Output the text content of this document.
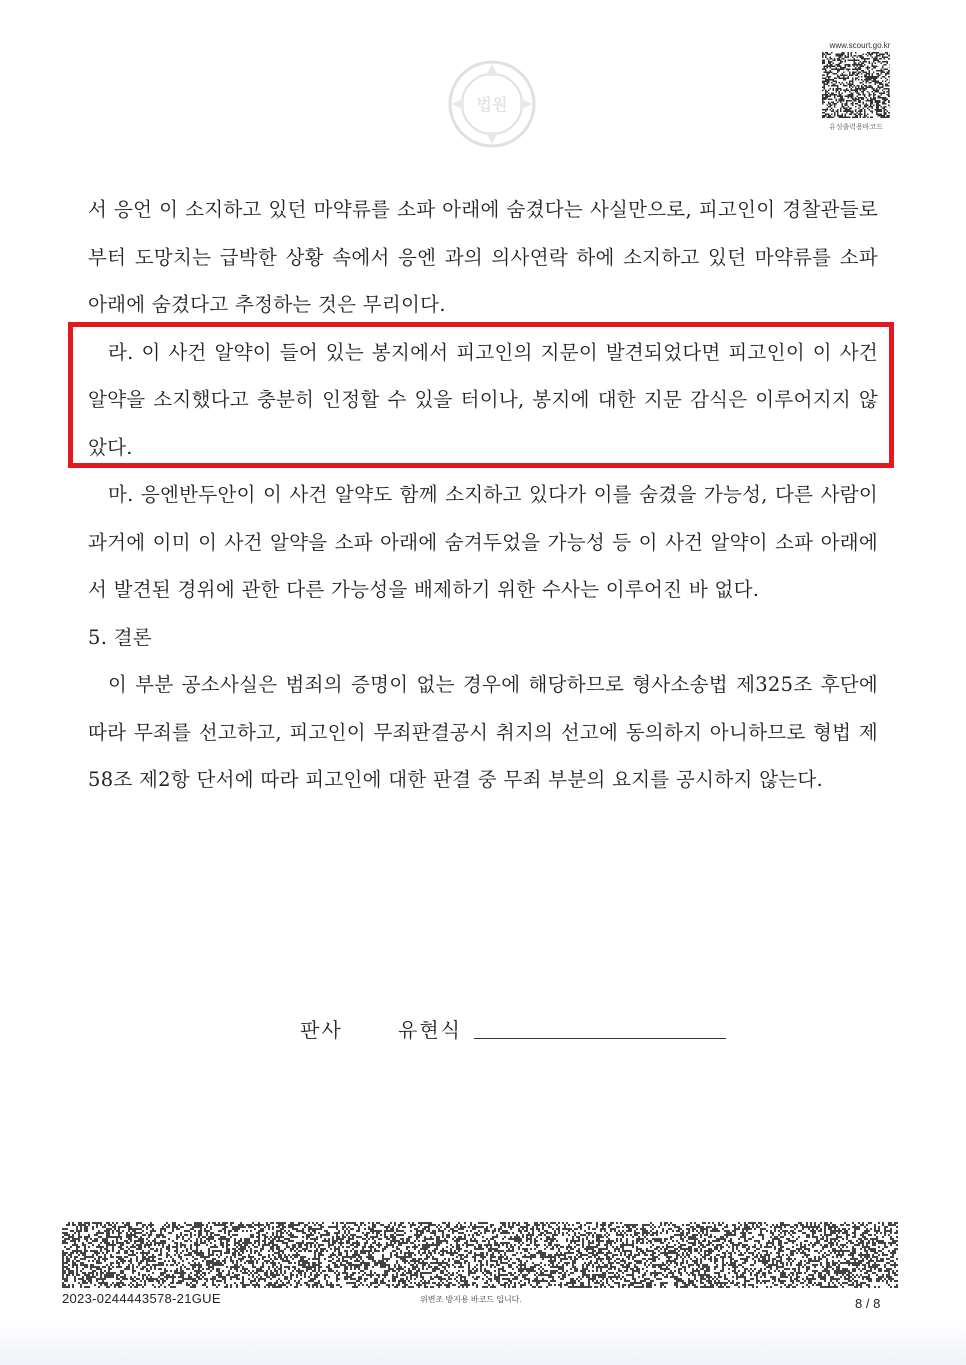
www.scourt.go.kr
유성출력용바코드
법원

서 응언 이 소지하고 있던 마약류를 소파 아래에 숨겼다는 사실만으로, 피고인이 경찰관들로부터 도망치는 급박한 상황 속에서 응엔 과의 의사연락 하에 소지하고 있던 마약류를 소파 아래에 숨겼다고 추정하는 것은 무리이다.

라. 이 사건 알약이 들어 있는 봉지에서 피고인의 지문이 발견되었다면 피고인이 이 사건 알약을 소지했다고 충분히 인정할 수 있을 터이나, 봉지에 대한 지문 감식은 이루어지지 않았다.

마. 응엔반두안이 이 사건 알약도 함께 소지하고 있다가 이를 숨겼을 가능성, 다른 사람이 과거에 이미 이 사건 알약을 소파 아래에 숨겨두었을 가능성 등 이 사건 알약이 소파 아래에서 발견된 경위에 관한 다른 가능성을 배제하기 위한 수사는 이루어진 바 없다.

5. 결론

이 부분 공소사실은 범죄의 증명이 없는 경우에 해당하므로 형사소송법 제325조 후단에 따라 무죄를 선고하고, 피고인이 무죄판결공시 취지의 선고에 동의하지 아니하므로 형법 제58조 제2항 단서에 따라 피고인에 대한 판결 중 무죄 부분의 요지를 공시하지 않는다.

판사	유현식
2023-0244443578-21GUE	위변조 방지용 바코드 입니다.	8 / 8
